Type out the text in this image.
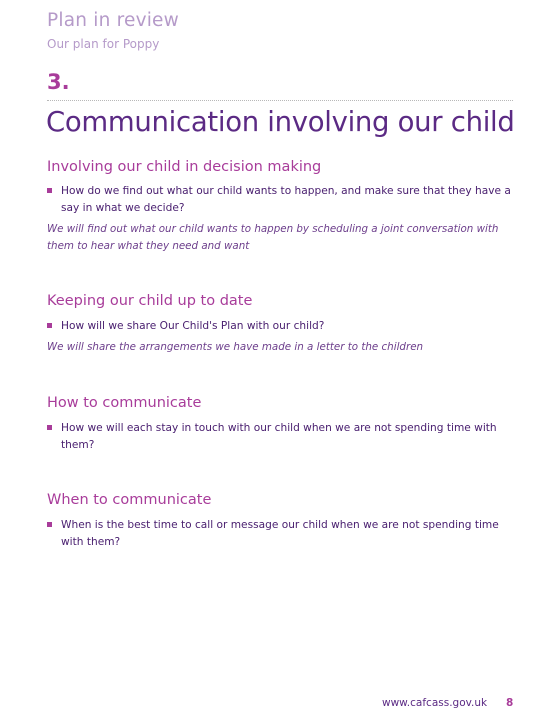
Plan in review
Our plan for Poppy
3.
Communication involving our child
Involving our child in decision making
How do we find out what our child wants to happen, and make sure that they have a say in what we decide?
We will find out what our child wants to happen by scheduling a joint conversation with them to hear what they need and want
Keeping our child up to date
How will we share Our Child's Plan with our child?
We will share the arrangements we have made in a letter to the children
How to communicate
How we will each stay in touch with our child when we are not spending time with them?
When to communicate
When is the best time to call or message our child when we are not spending time with them?
www.cafcass.gov.uk 8
